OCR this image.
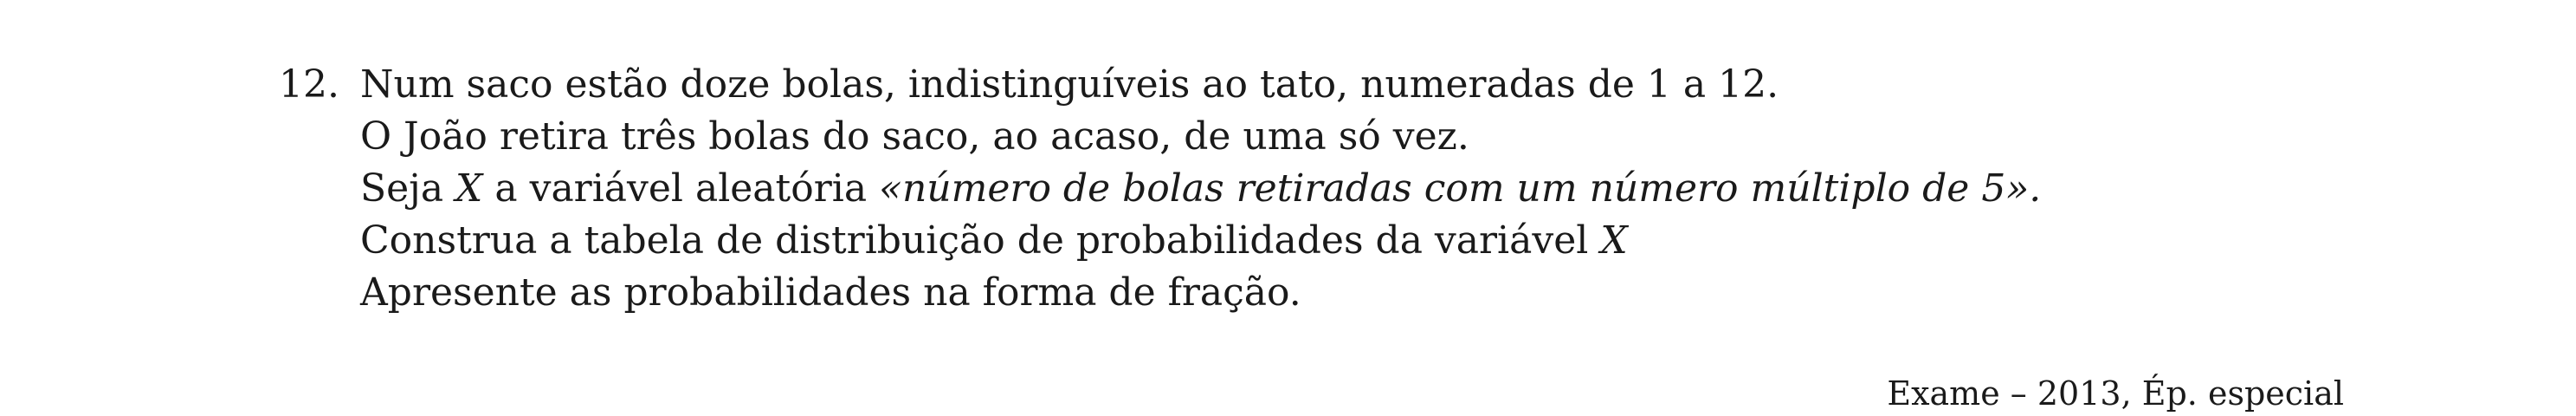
12. Num saco estão doze bolas, indistinguíveis ao tato, numeradas de 1 a 12.
O João retira três bolas do saco, ao acaso, de uma só vez.
Seja X a variável aleatória «número de bolas retiradas com um número múltiplo de 5».
Construa a tabela de distribuição de probabilidades da variável X
Apresente as probabilidades na forma de fração.
Exame – 2013, Ép. especial
